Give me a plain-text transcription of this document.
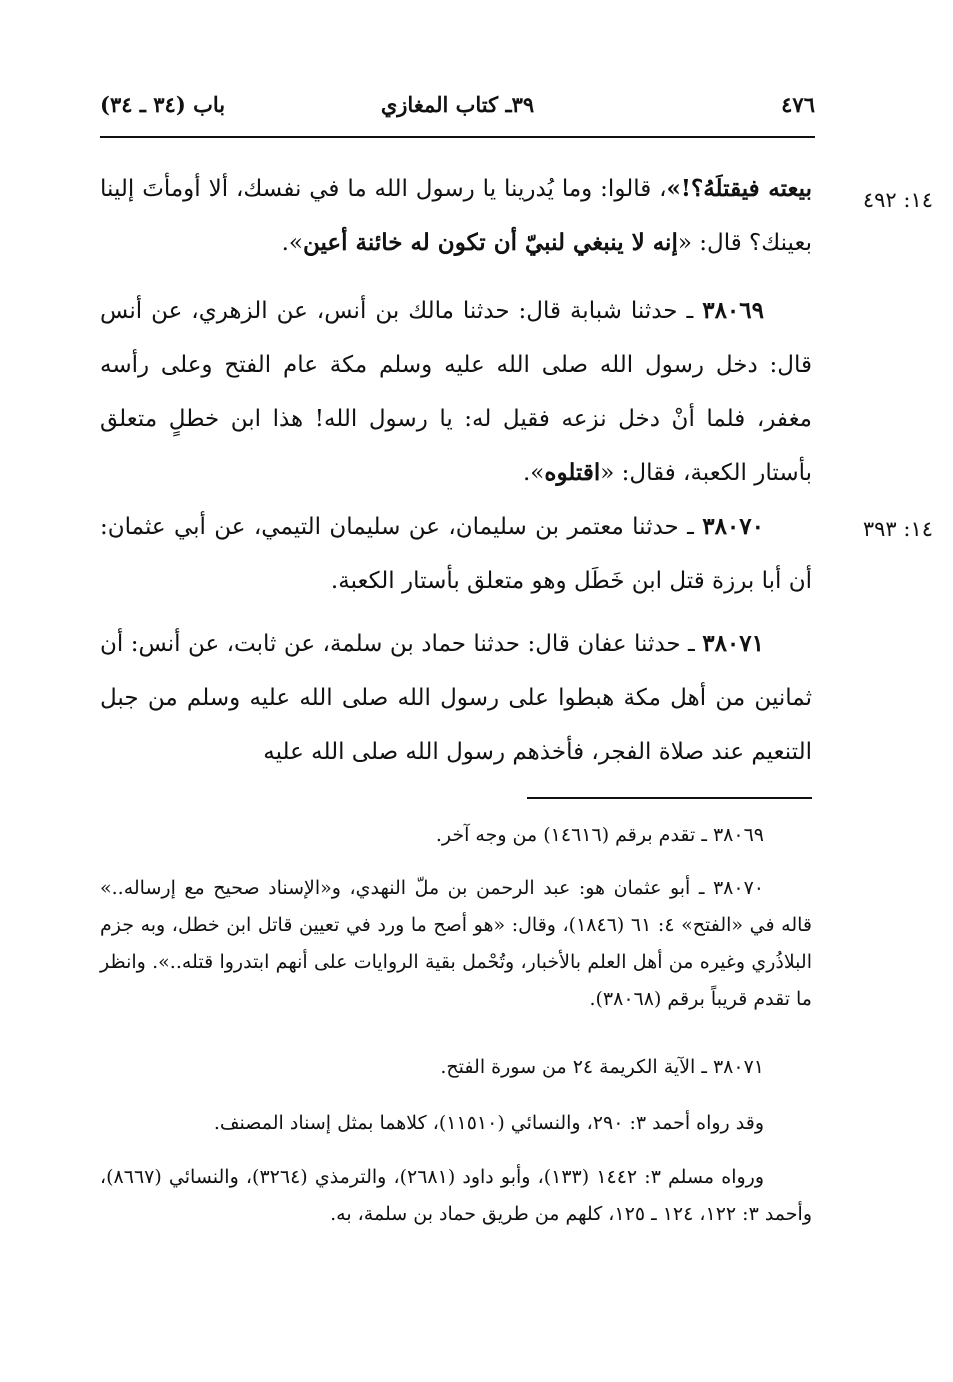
٤٧٦
٣٩ـ كتاب المغازي
باب (٣٤ ـ ٣٤)
١٤: ٤٩٢
١٤: ٣٩٣

بيعته فيقتلَهُ؟!»، قالوا: وما يُدرينا يا رسول الله ما في نفسك، ألا أومأتَ إلينا بعينك؟ قال: «إنه لا ينبغي لنبيّ أن تكون له خائنة أعين».

٣٨٠٦٩ ـ حدثنا شبابة قال: حدثنا مالك بن أنس، عن الزهري، عن أنس قال: دخل رسول الله صلى الله عليه وسلم مكة عام الفتح وعلى رأسه مغفر، فلما أنْ دخل نزعه فقيل له: يا رسول الله! هذا ابن خطلٍ متعلق بأستار الكعبة، فقال: «اقتلوه».

٣٨٠٧٠ ـ حدثنا معتمر بن سليمان، عن سليمان التيمي، عن أبي عثمان: أن أبا برزة قتل ابن خَطَل وهو متعلق بأستار الكعبة.

٣٨٠٧١ ـ حدثنا عفان قال: حدثنا حماد بن سلمة، عن ثابت، عن أنس: أن ثمانين من أهل مكة هبطوا على رسول الله صلى الله عليه وسلم من جبل التنعيم عند صلاة الفجر، فأخذهم رسول الله صلى الله عليه

٣٨٠٦٩ ـ تقدم برقم (١٤٦١٦) من وجه آخر.

٣٨٠٧٠ ـ أبو عثمان هو: عبد الرحمن بن ملّ النهدي، و«الإسناد صحيح مع إرساله..» قاله في «الفتح» ٤: ٦١ (١٨٤٦)، وقال: «هو أصح ما ورد في تعيين قاتل ابن خطل، وبه جزم البلاذُري وغيره من أهل العلم بالأخبار، وتُحْمل بقية الروايات على أنهم ابتدروا قتله..». وانظر ما تقدم قريباً برقم (٣٨٠٦٨).

٣٨٠٧١ ـ الآية الكريمة ٢٤ من سورة الفتح.

وقد رواه أحمد ٣: ٢٩٠، والنسائي (١١٥١٠)، كلاهما بمثل إسناد المصنف.

ورواه مسلم ٣: ١٤٤٢ (١٣٣)، وأبو داود (٢٦٨١)، والترمذي (٣٢٦٤)، والنسائي (٨٦٦٧)، وأحمد ٣: ١٢٢، ١٢٤ ـ ١٢٥، كلهم من طريق حماد بن سلمة، به.
